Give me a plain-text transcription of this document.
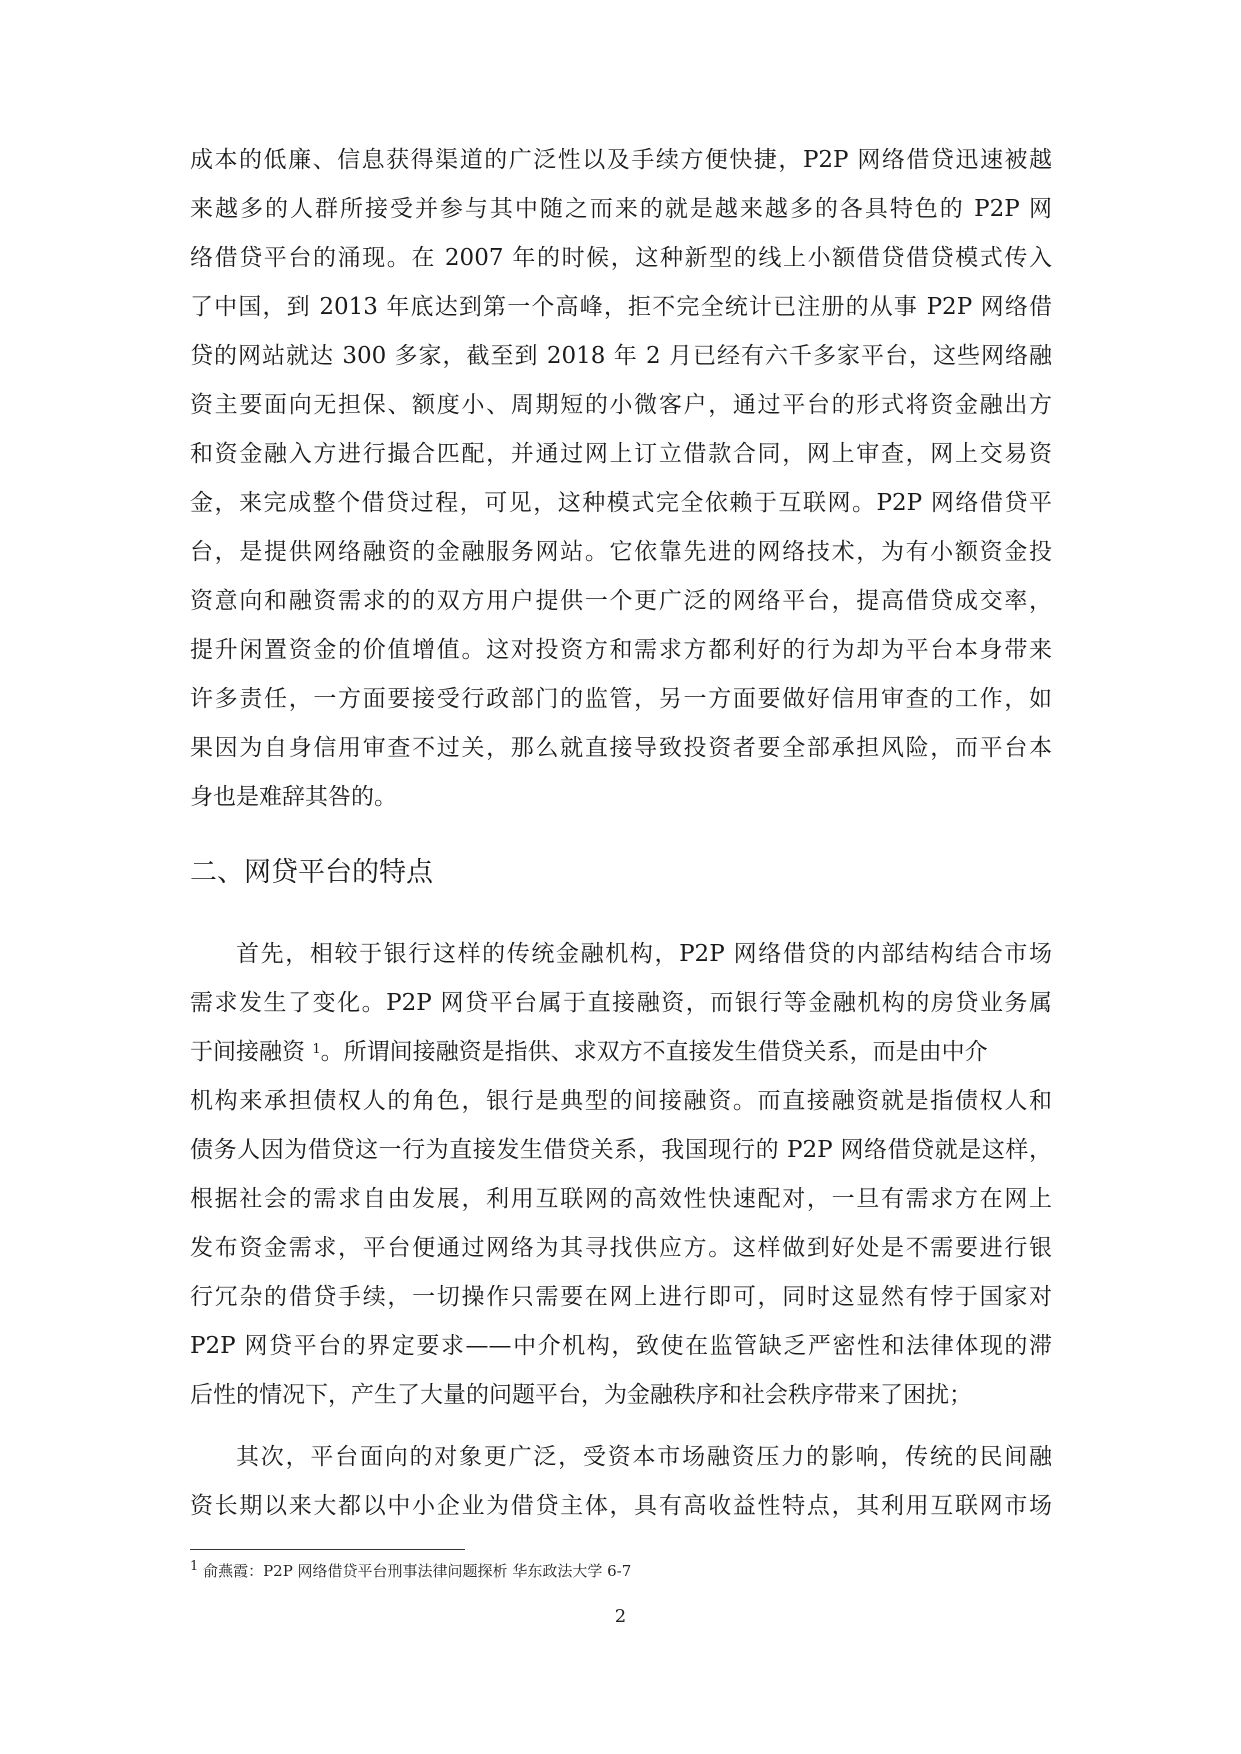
成本的低廉、信息获得渠道的广泛性以及手续方便快捷，P2P 网络借贷迅速被越
来越多的人群所接受并参与其中随之而来的就是越来越多的各具特色的 P2P 网
络借贷平台的涌现。在 2007 年的时候，这种新型的线上小额借贷借贷模式传入
了中国，到 2013 年底达到第一个高峰，拒不完全统计已注册的从事 P2P 网络借
贷的网站就达 300 多家，截至到 2018 年 2 月已经有六千多家平台，这些网络融
资主要面向无担保、额度小、周期短的小微客户，通过平台的形式将资金融出方
和资金融入方进行撮合匹配，并通过网上订立借款合同，网上审查，网上交易资
金，来完成整个借贷过程，可见，这种模式完全依赖于互联网。P2P 网络借贷平
台，是提供网络融资的金融服务网站。它依靠先进的网络技术，为有小额资金投
资意向和融资需求的的双方用户提供一个更广泛的网络平台，提高借贷成交率，
提升闲置资金的价值增值。这对投资方和需求方都利好的行为却为平台本身带来
许多责任，一方面要接受行政部门的监管，另一方面要做好信用审查的工作，如
果因为自身信用审查不过关，那么就直接导致投资者要全部承担风险，而平台本
身也是难辞其咎的。
二、网贷平台的特点
首先，相较于银行这样的传统金融机构，P2P 网络借贷的内部结构结合市场
需求发生了变化。P2P 网贷平台属于直接融资，而银行等金融机构的房贷业务属
于间接融资 $^1$。所谓间接融资是指供、求双方不直接发生借贷关系，而是由中介
机构来承担债权人的角色，银行是典型的间接融资。而直接融资就是指债权人和
债务人因为借贷这一行为直接发生借贷关系，我国现行的 P2P 网络借贷就是这样，
根据社会的需求自由发展，利用互联网的高效性快速配对，一旦有需求方在网上
发布资金需求，平台便通过网络为其寻找供应方。这样做到好处是不需要进行银
行冗杂的借贷手续，一切操作只需要在网上进行即可，同时这显然有悖于国家对
P2P 网贷平台的界定要求——中介机构，致使在监管缺乏严密性和法律体现的滞
后性的情况下，产生了大量的问题平台，为金融秩序和社会秩序带来了困扰；
其次，平台面向的对象更广泛，受资本市场融资压力的影响，传统的民间融
资长期以来大都以中小企业为借贷主体，具有高收益性特点，其利用互联网市场
$^1$ 俞燕霞：P2P 网络借贷平台刑事法律问题探析 华东政法大学 6-7
2
